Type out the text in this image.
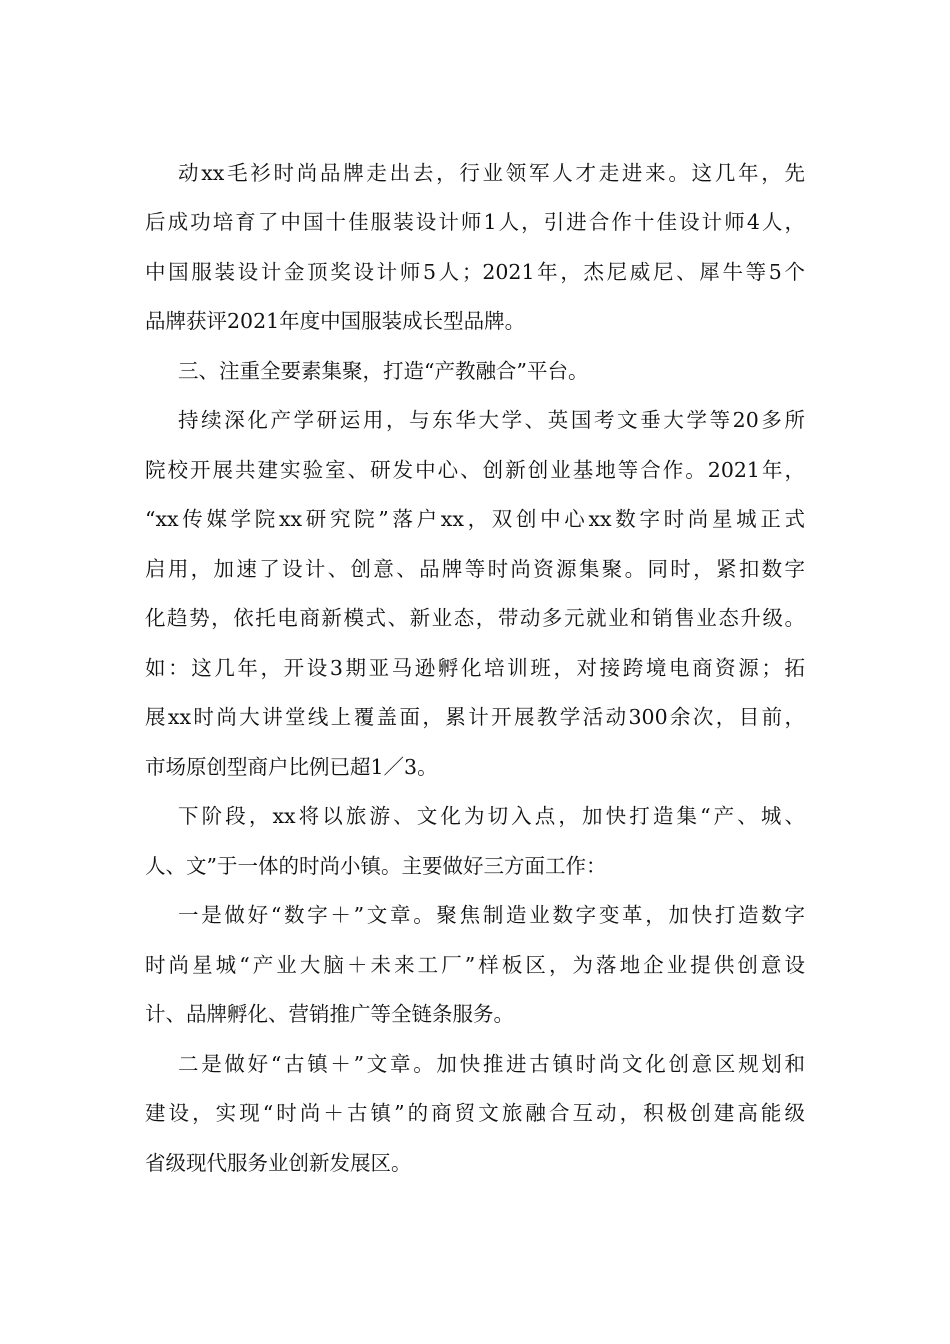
动xx毛衫时尚品牌走出去，行业领军人才走进来。这几年，先

后成功培育了中国十佳服装设计师1人，引进合作十佳设计师4人，

中国服装设计金顶奖设计师5人；2021年，杰尼威尼、犀牛等5个

品牌获评2021年度中国服装成长型品牌。

三、注重全要素集聚，打造“产教融合”平台。

持续深化产学研运用，与东华大学、英国考文垂大学等20多所

院校开展共建实验室、研发中心、创新创业基地等合作。2021年，

“xx传媒学院xx研究院”落户xx，双创中心xx数字时尚星城正式

启用，加速了设计、创意、品牌等时尚资源集聚。同时，紧扣数字

化趋势，依托电商新模式、新业态，带动多元就业和销售业态升级。

如：这几年，开设3期亚马逊孵化培训班，对接跨境电商资源；拓

展xx时尚大讲堂线上覆盖面，累计开展教学活动300余次，目前，

市场原创型商户比例已超1／3。

下阶段，xx将以旅游、文化为切入点，加快打造集“产、城、

人、文”于一体的时尚小镇。主要做好三方面工作：

一是做好“数字＋”文章。聚焦制造业数字变革，加快打造数字

时尚星城“产业大脑＋未来工厂”样板区，为落地企业提供创意设

计、品牌孵化、营销推广等全链条服务。

二是做好“古镇＋”文章。加快推进古镇时尚文化创意区规划和

建设，实现“时尚＋古镇”的商贸文旅融合互动，积极创建高能级

省级现代服务业创新发展区。
